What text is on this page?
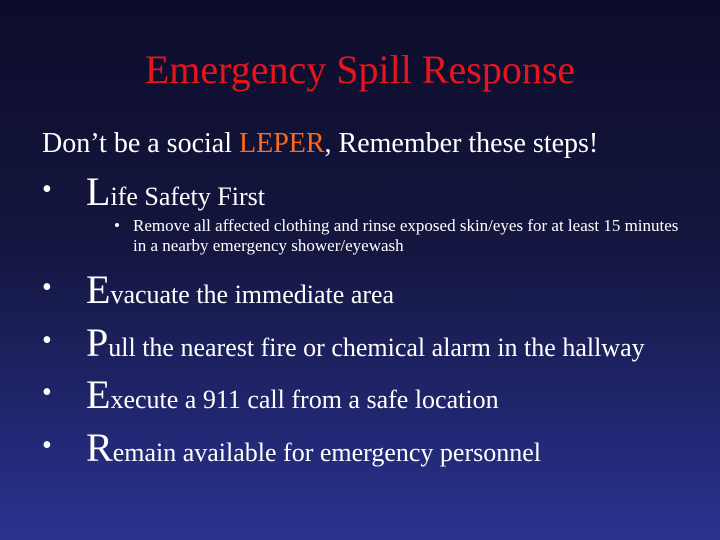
Emergency Spill Response
Don’t be a social LEPER, Remember these steps!
• Life Safety First
• Remove all affected clothing and rinse exposed skin/eyes for at least 15 minutes in a nearby emergency shower/eyewash
• Evacuate the immediate area
• Pull the nearest fire or chemical alarm in the hallway
• Execute a 911 call from a safe location
• Remain available for emergency personnel
